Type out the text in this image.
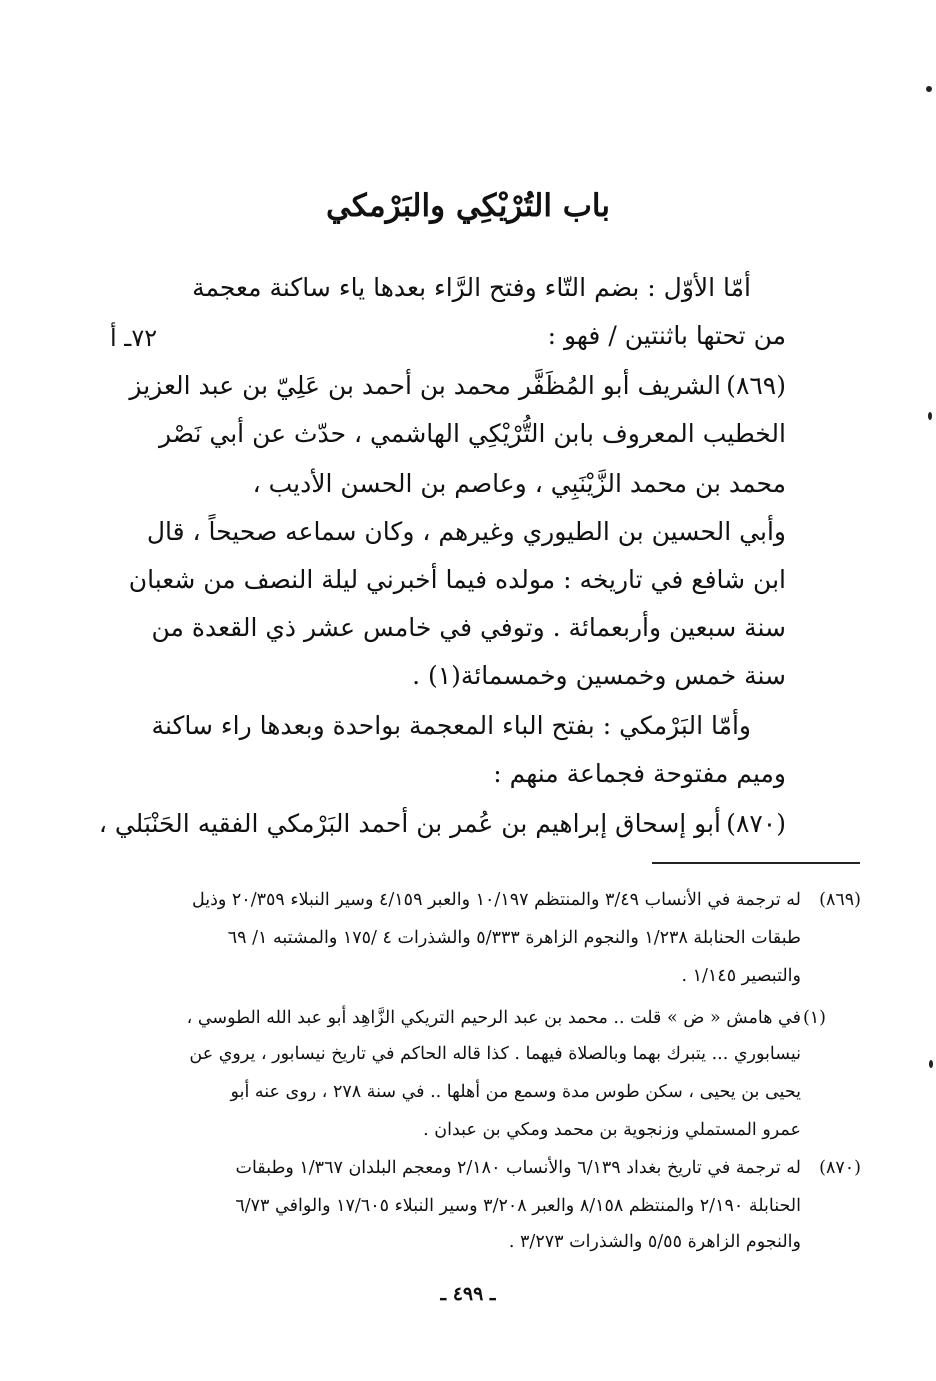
باب التُرْيْكِي والبَرْمكي
٧٢ـ أ

أمّا الأوّل : بضم التّاء وفتح الرَّاء بعدها ياء ساكنة معجمة

من تحتها باثنتين / فهو :

(٨٦٩)

الشريف أبو المُظَفَّر محمد بن أحمد بن عَلِيّ بن عبد العزيز

الخطيب المعروف بابن التُّرْيْكِي الهاشمي ، حدّث عن أبي نَصْر

محمد بن محمد الزَّيْنَبِي ، وعاصم بن الحسن الأديب ،

وأبي الحسين بن الطيوري وغيرهم ، وكان سماعه صحيحاً ، قال

ابن شافع في تاريخه : مولده فيما أخبرني ليلة النصف من شعبان

سنة سبعين وأربعمائة . وتوفي في خامس عشر ذي القعدة من

سنة خمس وخمسين وخمسمائة(١) .

وأمّا البَرْمكي : بفتح الباء المعجمة بواحدة وبعدها راء ساكنة

وميم مفتوحة فجماعة منهم :

(٨٧٠)

أبو إسحاق إبراهيم بن عُمر بن أحمد البَرْمكي الفقيه الحَنْبَلي ،

(٨٦٩)

له ترجمة في الأنساب ٣/٤٩ والمنتظم ١٠/١٩٧ والعبر ٤/١٥٩ وسير النبلاء ٢٠/٣٥٩ وذيل

طبقات الحنابلة ١/٢٣٨ والنجوم الزاهرة ٥/٣٣٣ والشذرات ٤ /١٧٥ والمشتبه ١/ ٦٩

والتبصير ١/١٤٥ .

(١)

في هامش « ض » قلت .. محمد بن عبد الرحيم التريكي الزَّاهِد أبو عبد الله الطوسي ،

نيسابوري ... يتبرك بهما وبالصلاة فيهما . كذا قاله الحاكم في تاريخ نيسابور ، يروي عن

يحيى بن يحيى ، سكن طوس مدة وسمع من أهلها .. في سنة ٢٧٨ ، روى عنه أبو

عمرو المستملي وزنجوية بن محمد ومكي بن عبدان .

(٨٧٠)

له ترجمة في تاريخ بغداد ٦/١٣٩ والأنساب ٢/١٨٠ ومعجم البلدان ١/٣٦٧ وطبقات

الحنابلة ٢/١٩٠ والمنتظم ٨/١٥٨ والعبر ٣/٢٠٨ وسير النبلاء ١٧/٦٠٥ والوافي ٦/٧٣

والنجوم الزاهرة ٥/٥٥ والشذرات ٣/٢٧٣ .

ـ ٤٩٩ ـ
